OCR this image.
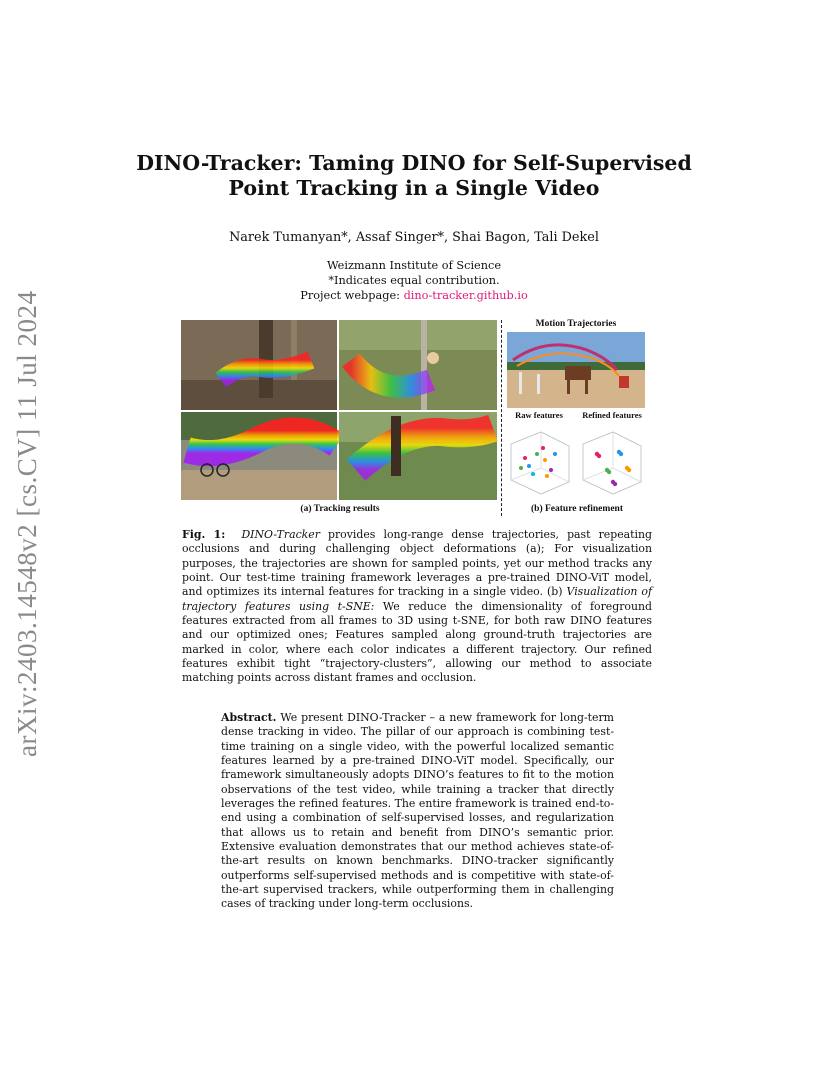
arXiv:2403.14548v2 [cs.CV] 11 Jul 2024
DINO-Tracker: Taming DINO for Self-Supervised
Point Tracking in a Single Video
Narek Tumanyan*, Assaf Singer*, Shai Bagon, Tali Dekel
Weizmann Institute of Science
*Indicates equal contribution.
Project webpage: dino-tracker.github.io
(a) Tracking results
Motion Trajectories
Raw features	Refined features
(b) Feature refinement
Fig. 1: DINO-Tracker provides long-range dense trajectories, past repeating occlusions and during challenging object deformations (a); For visualization purposes, the trajectories are shown for sampled points, yet our method tracks any point. Our test-time training framework leverages a pre-trained DINO-ViT model, and optimizes its internal features for tracking in a single video. (b) Visualization of trajectory features using t-SNE: We reduce the dimensionality of foreground features extracted from all frames to 3D using t-SNE, for both raw DINO features and our optimized ones; Features sampled along ground-truth trajectories are marked in color, where each color indicates a different trajectory. Our refined features exhibit tight “trajectory-clusters”, allowing our method to associate matching points across distant frames and occlusion.
Abstract. We present DINO-Tracker – a new framework for long-term dense tracking in video. The pillar of our approach is combining test-time training on a single video, with the powerful localized semantic features learned by a pre-trained DINO-ViT model. Specifically, our framework simultaneously adopts DINO’s features to fit to the motion observations of the test video, while training a tracker that directly leverages the refined features. The entire framework is trained end-to-end using a combination of self-supervised losses, and regularization that allows us to retain and benefit from DINO’s semantic prior. Extensive evaluation demonstrates that our method achieves state-of-the-art results on known benchmarks. DINO-tracker significantly outperforms self-supervised methods and is competitive with state-of-the-art supervised trackers, while outperforming them in challenging cases of tracking under long-term occlusions.
